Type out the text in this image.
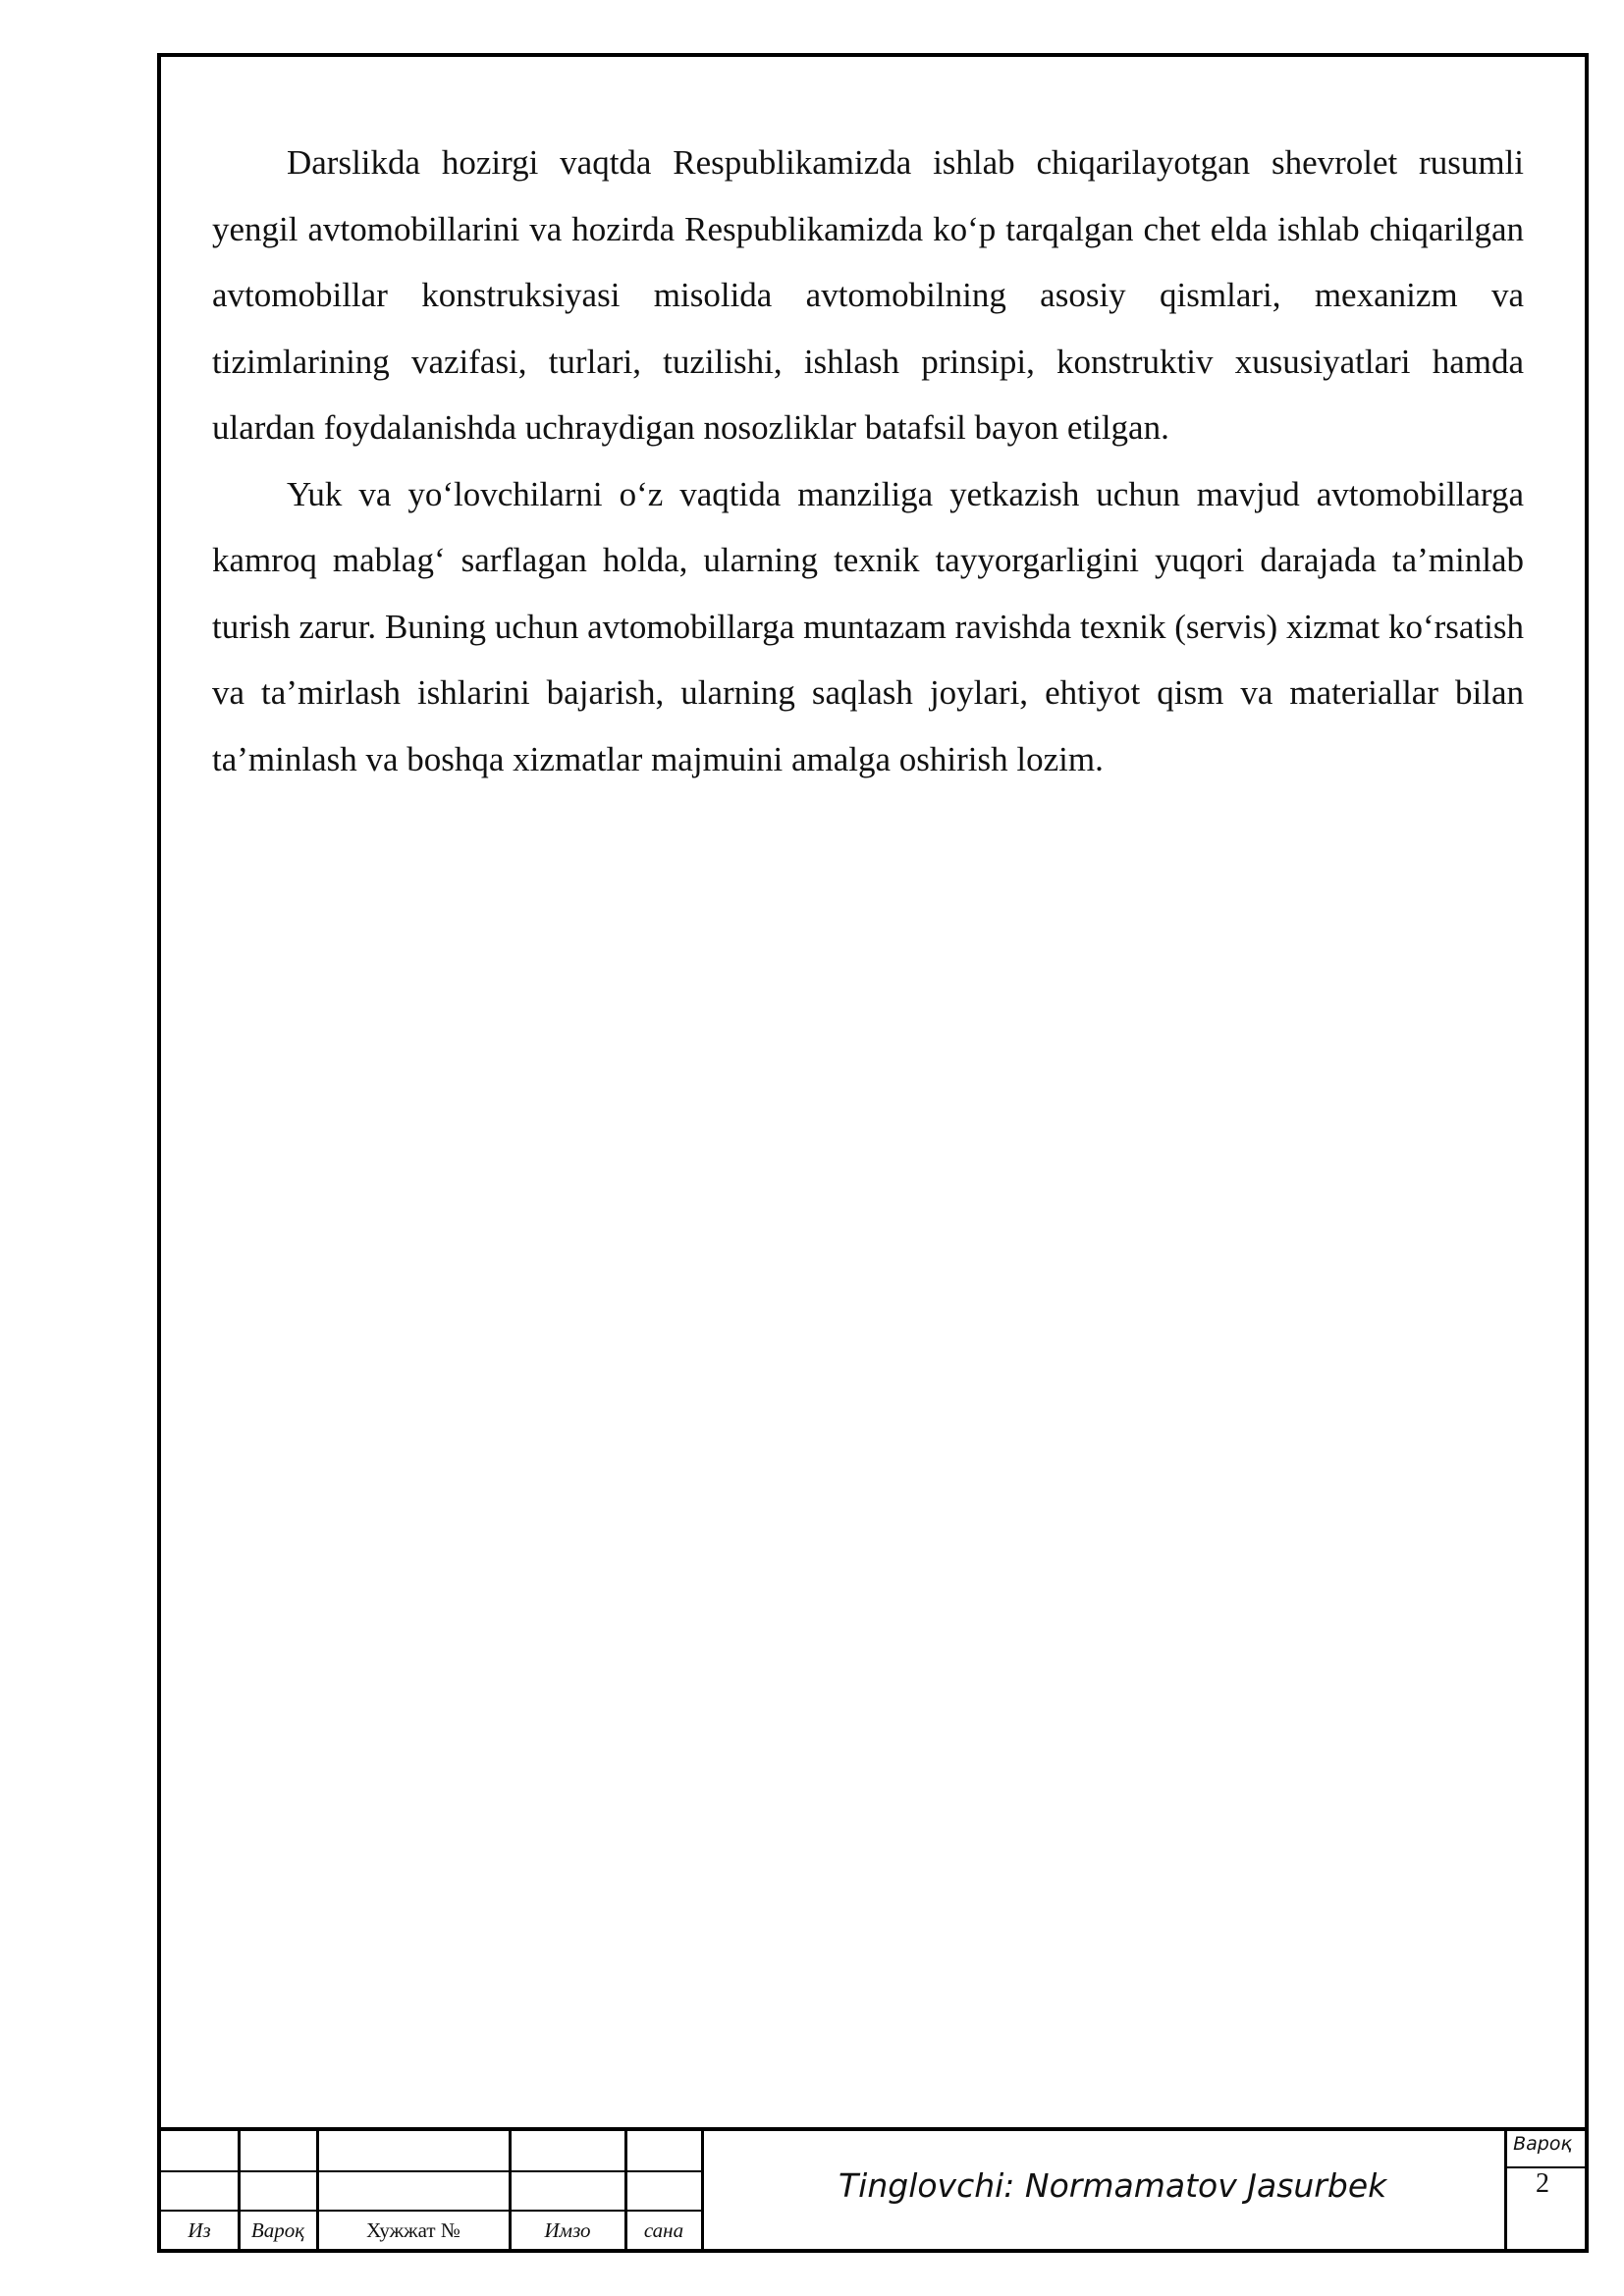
Darslikda hozirgi vaqtda Respublikamizda ishlab chiqarilayotgan shevrolet rusumli yengil avtomobillarini va hozirda Respublikamizda ko‘p tarqalgan chet elda ishlab chiqarilgan avtomobillar konstruksiyasi misolida avtomobilning asosiy qismlari, mexanizm va tizimlarining vazifasi, turlari, tuzilishi, ishlash prinsipi, konstruktiv xususiyatlari hamda ulardan foydalanishda uchraydigan nosozliklar batafsil bayon etilgan.

Yuk va yo‘lovchilarni o‘z vaqtida manziliga yetkazish uchun mavjud avtomobillarga kamroq mablag‘ sarflagan holda, ularning texnik tayyorgarligini yuqori darajada ta’minlab turish zarur. Buning uchun avtomobillarga muntazam ravishda texnik (servis) xizmat ko‘rsatish va ta’mirlash ishlarini bajarish, ularning saqlash joylari, ehtiyot qism va materiallar bilan ta’minlash va boshqa xizmatlar majmuini amalga oshirish lozim.

Из	Вароқ	Хужжат №	Имзо	сана
Tinglovchi: Normamatov Jasurbek
Вароқ
2
